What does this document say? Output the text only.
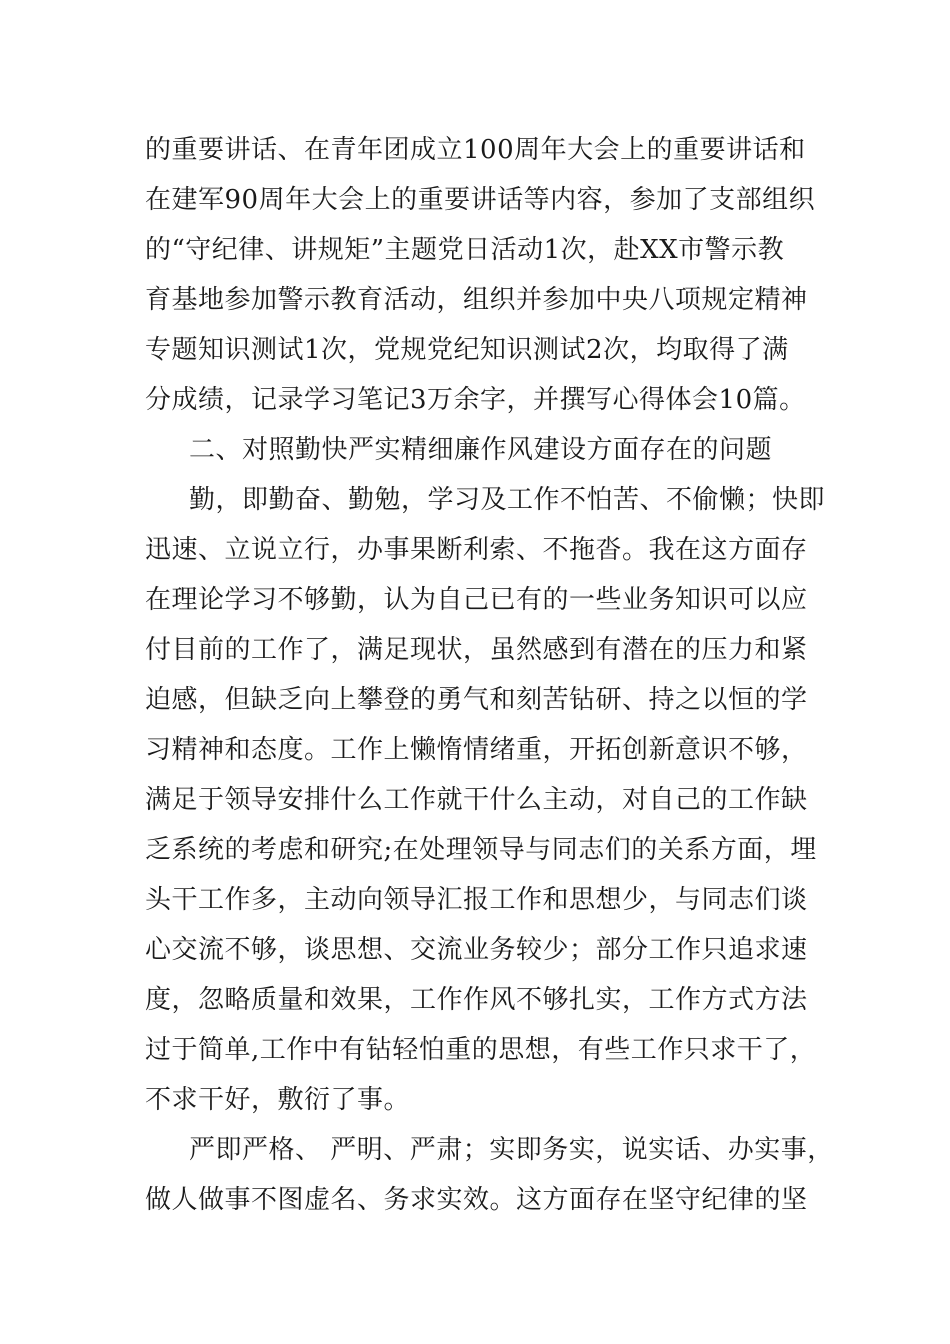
的重要讲话、在青年团成立100周年大会上的重要讲话和
在建军90周年大会上的重要讲话等内容，参加了支部组织
的“守纪律、讲规矩”主题党日活动1次，赴XX市警示教
育基地参加警示教育活动，组织并参加中央八项规定精神
专题知识测试1次，党规党纪知识测试2次，均取得了满
分成绩，记录学习笔记3万余字，并撰写心得体会10篇。
二、对照勤快严实精细廉作风建设方面存在的问题
勤，即勤奋、勤勉，学习及工作不怕苦、不偷懒；快即
迅速、立说立行，办事果断利索、不拖沓。我在这方面存
在理论学习不够勤，认为自己已有的一些业务知识可以应
付目前的工作了，满足现状，虽然感到有潜在的压力和紧
迫感，但缺乏向上攀登的勇气和刻苦钻研、持之以恒的学
习精神和态度。工作上懒惰情绪重，开拓创新意识不够，
满足于领导安排什么工作就干什么主动，对自己的工作缺
乏系统的考虑和研究;在处理领导与同志们的关系方面，埋
头干工作多，主动向领导汇报工作和思想少，与同志们谈
心交流不够，谈思想、交流业务较少；部分工作只追求速
度，忽略质量和效果，工作作风不够扎实，工作方式方法
过于简单,工作中有钻轻怕重的思想，有些工作只求干了，
不求干好，敷衍了事。
严即严格、 严明、严肃；实即务实，说实话、办实事，
做人做事不图虚名、务求实效。这方面存在坚守纪律的坚
